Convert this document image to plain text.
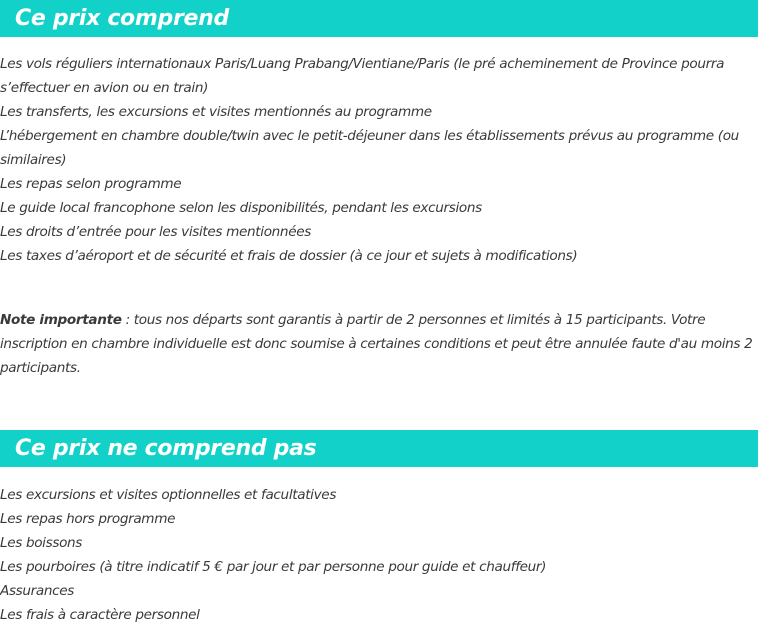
Ce prix comprend
Les vols réguliers internationaux Paris/Luang Prabang/Vientiane/Paris (le pré acheminement de Province pourra s’effectuer en avion ou en train)
Les transferts, les excursions et visites mentionnés au programme
L’hébergement en chambre double/twin avec le petit-déjeuner dans les établissements prévus au programme (ou similaires)
Les repas selon programme
Le guide local francophone selon les disponibilités, pendant les excursions
Les droits d’entrée pour les visites mentionnées
Les taxes d’aéroport et de sécurité et frais de dossier (à ce jour et sujets à modifications)

Note importante : tous nos départs sont garantis à partir de 2 personnes et limités à 15 participants. Votre inscription en chambre individuelle est donc soumise à certaines conditions et peut être annulée faute d'au moins 2 participants.

Ce prix ne comprend pas
Les excursions et visites optionnelles et facultatives
Les repas hors programme
Les boissons
Les pourboires (à titre indicatif 5 € par jour et par personne pour guide et chauffeur)
Assurances
Les frais à caractère personnel
